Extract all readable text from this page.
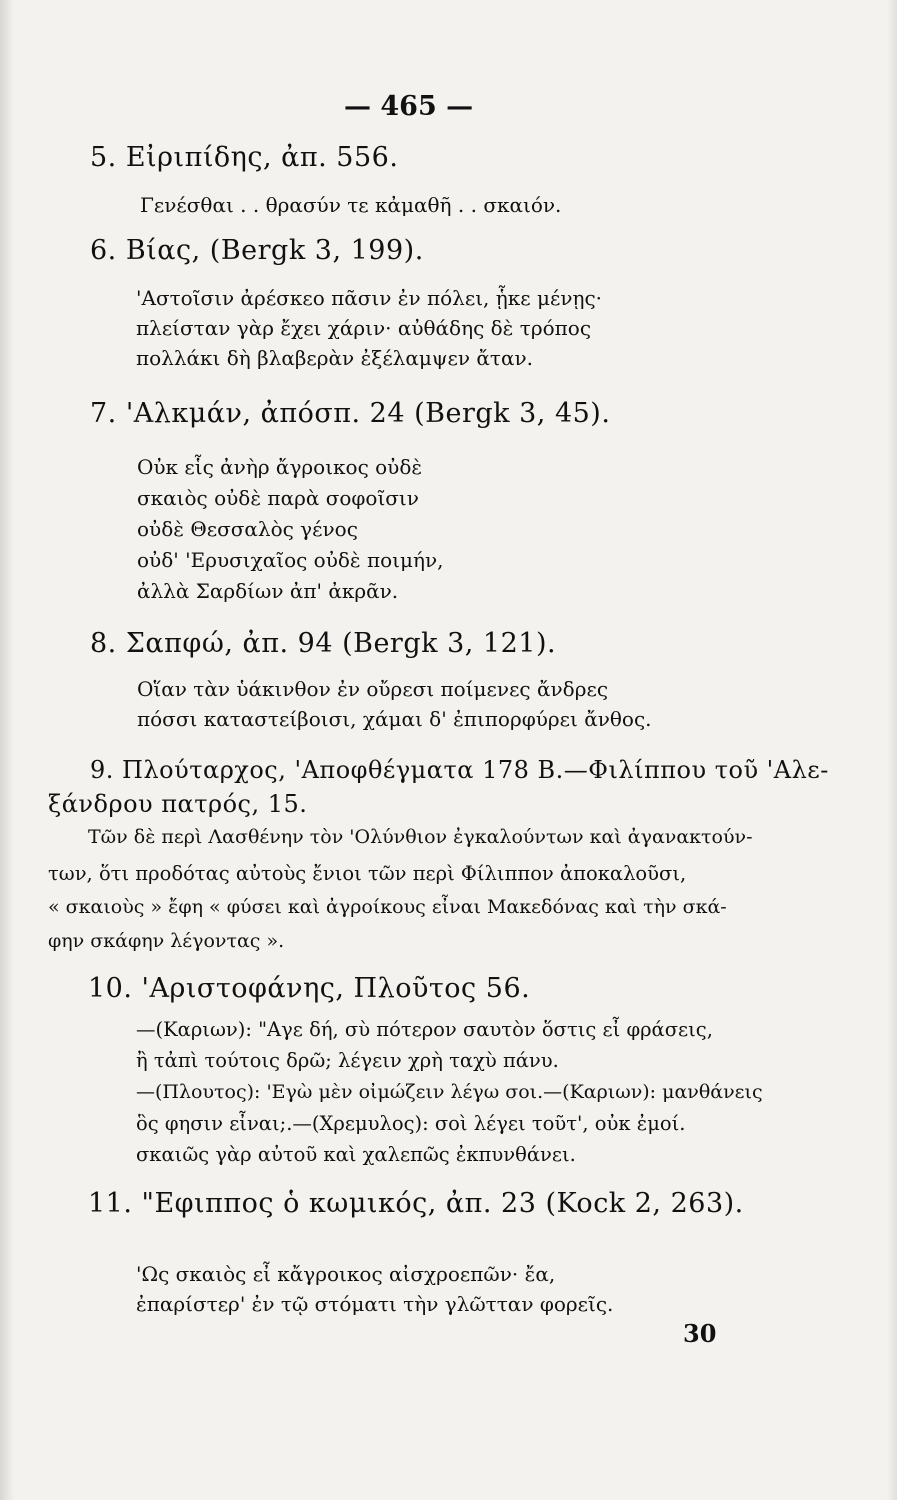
— 465 —
5. Εἰριπίδης, ἀπ. 556.
Γενέσθαι . . θρασύν τε κἀμαθῆ . . σκαιόν.
6. Βίας, (Bergk 3, 199).
'Αστοῖσιν ἀρέσκεο πᾶσιν ἐν πόλει, ᾗκε μένῃς·
πλείσταν γὰρ ἔχει χάριν· αὐθάδης δὲ τρόπος
πολλάκι δὴ βλαβερὰν ἐξέλαμψεν ἄταν.
7. 'Αλκμάν, ἀπόσπ. 24 (Bergk 3, 45).
Οὐκ εἷς ἀνὴρ ἄγροικος οὐδὲ
σκαιὸς οὐδὲ παρὰ σοφοῖσιν
οὐδὲ Θεσσαλὸς γένος
οὐδ' 'Ερυσιχαῖος οὐδὲ ποιμήν,
ἀλλὰ Σαρδίων ἀπ' ἀκρᾶν.
8. Σαπφώ, ἀπ. 94 (Bergk 3, 121).
Οἵαν τὰν ὑάκινθον ἐν οὔρεσι ποίμενες ἄνδρες
πόσσι καταστείβοισι, χάμαι δ' ἐπιπορφύρει ἄνθος.
9. Πλούταρχος, 'Αποφθέγματα 178 Β.—Φιλίππου τοῦ 'Αλε-
ξάνδρου πατρός, 15.
Τῶν δὲ περὶ Λασθένην τὸν 'Ολύνθιον ἐγκαλούντων καὶ ἀγανακτούν-
των, ὅτι προδότας αὐτοὺς ἔνιοι τῶν περὶ Φίλιππον ἀποκαλοῦσι,
« σκαιοὺς » ἔφη « φύσει καὶ ἀγροίκους εἶναι Μακεδόνας καὶ τὴν σκά-
φην σκάφην λέγοντας ».
10. 'Αριστοφάνης, Πλοῦτος 56.
—(Καριων): "Αγε δή, σὺ πότερον σαυτὸν ὅστις εἶ φράσεις,
ἢ τἀπὶ τούτοις δρῶ; λέγειν χρὴ ταχὺ πάνυ.
—(Πλουτος): 'Εγὼ μὲν οἰμώζειν λέγω σοι.—(Καριων): μανθάνεις
ὃς φησιν εἶναι;.—(Χρεμυλος): σοὶ λέγει τοῦτ', οὐκ ἐμοί.
σκαιῶς γὰρ αὐτοῦ καὶ χαλεπῶς ἐκπυνθάνει.
11. "Εφιππος ὁ κωμικός, ἀπ. 23 (Kock 2, 263).
'Ως σκαιὸς εἶ κἄγροικος αἰσχροεπῶν· ἔα,
ἐπαρίστερ' ἐν τῷ στόματι τὴν γλῶτταν φορεῖς.
30
